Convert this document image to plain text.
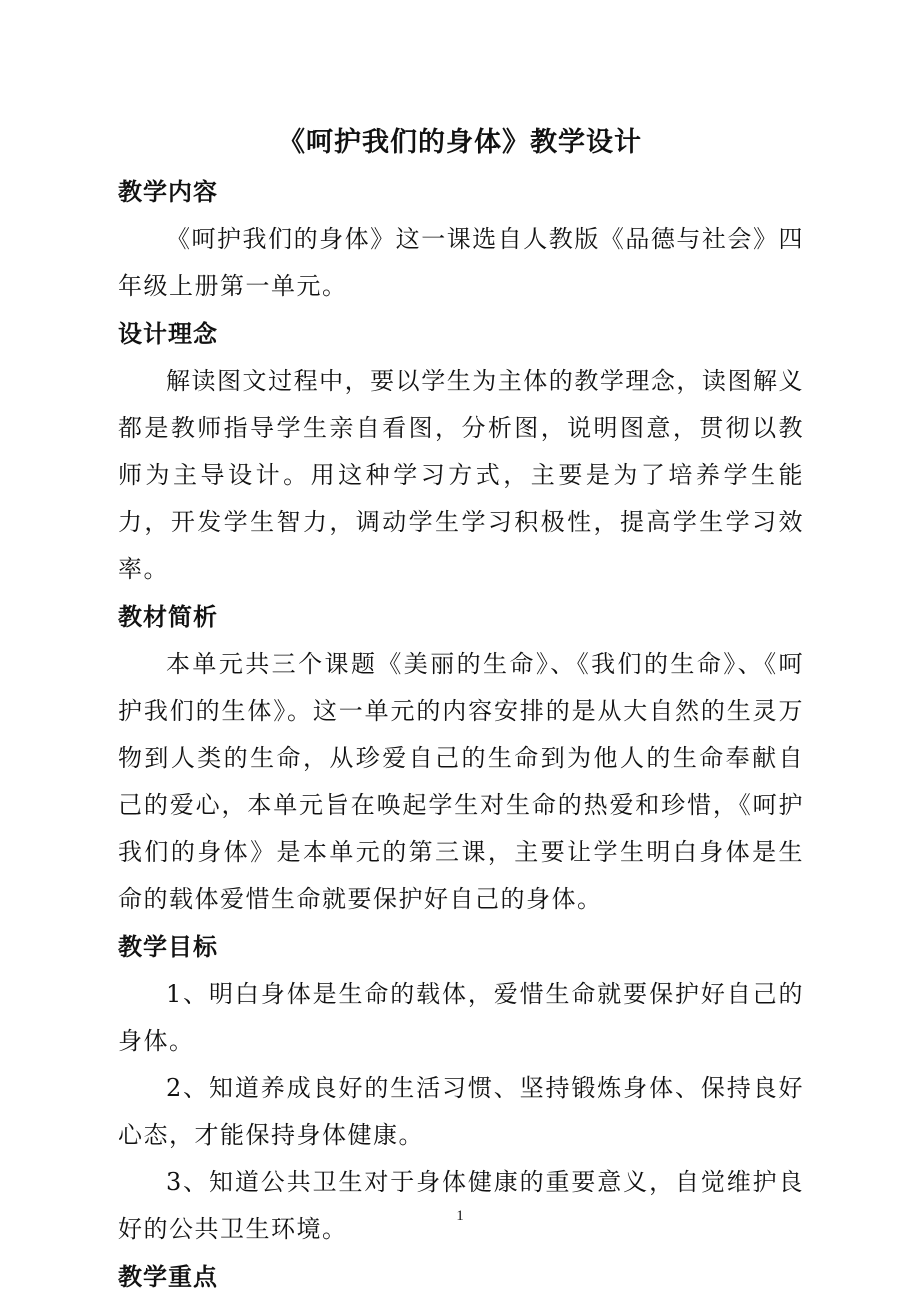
《呵护我们的身体》教学设计
教学内容

《呵护我们的身体》这一课选自人教版《品德与社会》四年级上册第一单元。

设计理念

解读图文过程中，要以学生为主体的教学理念，读图解义都是教师指导学生亲自看图，分析图，说明图意，贯彻以教师为主导设计。用这种学习方式，主要是为了培养学生能力，开发学生智力，调动学生学习积极性，提高学生学习效率。

教材简析

本单元共三个课题《美丽的生命》、《我们的生命》、《呵护我们的生体》。这一单元的内容安排的是从大自然的生灵万物到人类的生命，从珍爱自己的生命到为他人的生命奉献自己的爱心，本单元旨在唤起学生对生命的热爱和珍惜，《呵护我们的身体》是本单元的第三课，主要让学生明白身体是生命的载体爱惜生命就要保护好自己的身体。

教学目标

1、明白身体是生命的载体，爱惜生命就要保护好自己的身体。

2、知道养成良好的生活习惯、坚持锻炼身体、保持良好心态，才能保持身体健康。

3、知道公共卫生对于身体健康的重要意义，自觉维护良好的公共卫生环境。

教学重点
1
